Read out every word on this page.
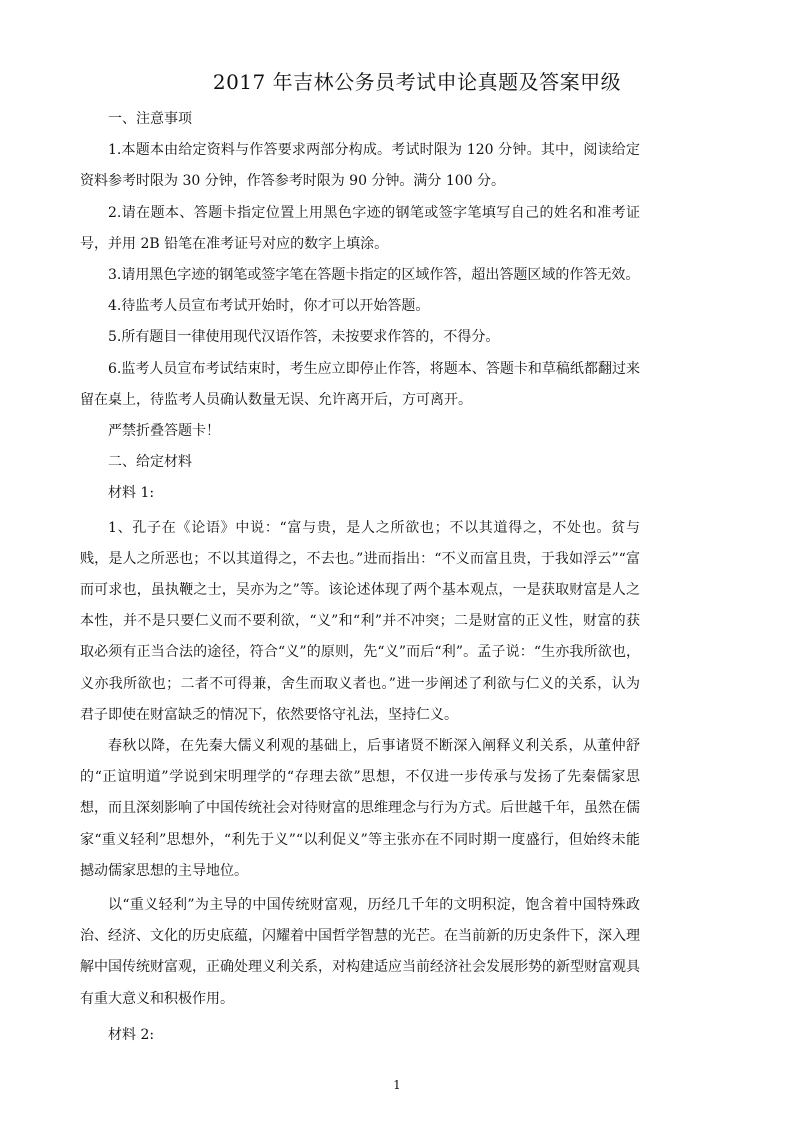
2017 年吉林公务员考试申论真题及答案甲级

一、注意事项

1.本题本由给定资料与作答要求两部分构成。考试时限为 120 分钟。其中，阅读给定资料参考时限为 30 分钟，作答参考时限为 90 分钟。满分 100 分。

2.请在题本、答题卡指定位置上用黑色字迹的钢笔或签字笔填写自己的姓名和准考证号，并用 2B 铅笔在准考证号对应的数字上填涂。

3.请用黑色字迹的钢笔或签字笔在答题卡指定的区域作答，超出答题区域的作答无效。

4.待监考人员宣布考试开始时，你才可以开始答题。

5.所有题目一律使用现代汉语作答，未按要求作答的，不得分。

6.监考人员宣布考试结束时，考生应立即停止作答，将题本、答题卡和草稿纸都翻过来留在桌上，待监考人员确认数量无误、允许离开后，方可离开。

严禁折叠答题卡！

二、给定材料

材料 1:

1、孔子在《论语》中说：“富与贵，是人之所欲也；不以其道得之，不处也。贫与贱，是人之所恶也；不以其道得之，不去也。”进而指出：“不义而富且贵，于我如浮云”“富而可求也，虽执鞭之士，吴亦为之”等。该论述体现了两个基本观点，一是获取财富是人之本性，并不是只要仁义而不要利欲，“义”和“利”并不冲突；二是财富的正义性，财富的获取必须有正当合法的途径，符合“义”的原则，先“义”而后“利”。孟子说：“生亦我所欲也，义亦我所欲也；二者不可得兼，舍生而取义者也。”进一步阐述了利欲与仁义的关系，认为君子即使在财富缺乏的情况下，依然要恪守礼法，坚持仁义。

春秋以降，在先秦大儒义利观的基础上，后事诸贤不断深入阐释义利关系，从董仲舒的“正谊明道”学说到宋明理学的“存理去欲”思想，不仅进一步传承与发扬了先秦儒家思想，而且深刻影响了中国传统社会对待财富的思维理念与行为方式。后世越千年，虽然在儒家“重义轻利”思想外，“利先于义”“以利促义”等主张亦在不同时期一度盛行，但始终未能撼动儒家思想的主导地位。

以“重义轻利”为主导的中国传统财富观，历经几千年的文明积淀，饱含着中国特殊政治、经济、文化的历史底蕴，闪耀着中国哲学智慧的光芒。在当前新的历史条件下，深入理解中国传统财富观，正确处理义利关系，对构建适应当前经济社会发展形势的新型财富观具有重大意义和积极作用。

材料 2:

1
